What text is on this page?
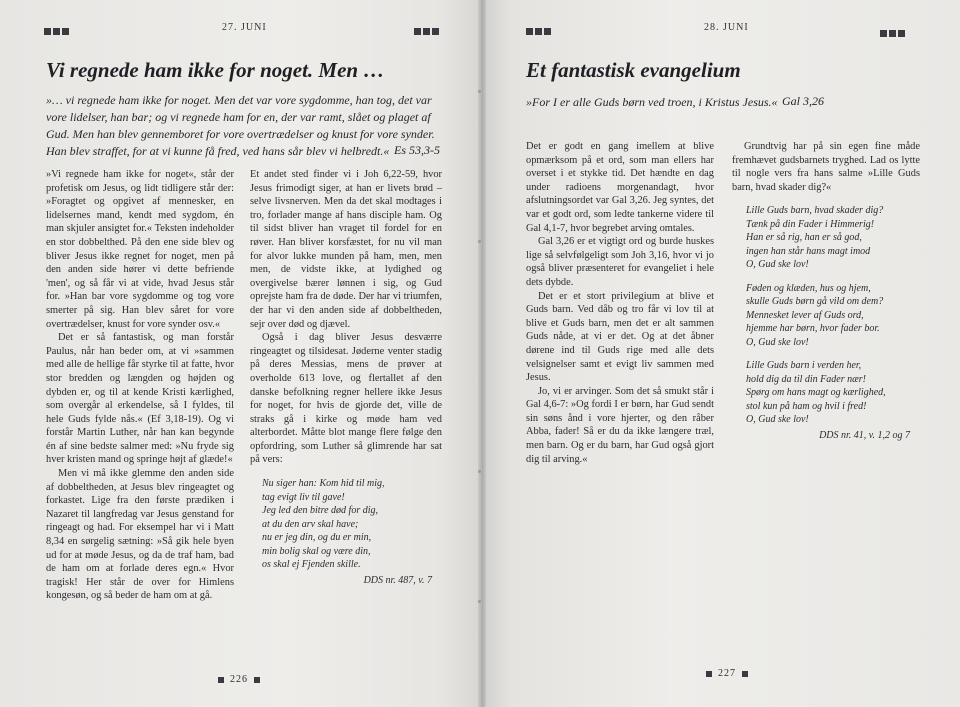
27. JUNI
Vi regnede ham ikke for noget. Men …
»… vi regnede ham ikke for noget. Men det var vore sygdomme, han tog, det var vore lidelser, han bar; og vi regnede ham for en, der var ramt, slået og plaget af Gud. Men han blev gennemboret for vore overtrædelser og knust for vore synder. Han blev straffet, for at vi kunne få fred, ved hans sår blev vi helbredt.« Es 53,3-5

»Vi regnede ham ikke for noget«, står der profetisk om Jesus, og lidt tidligere står der: »Foragtet og opgivet af mennesker, en lidelsernes mand, kendt med sygdom, én man skjuler ansigtet for.« Teksten indeholder en stor dobbelthed. På den ene side blev og bliver Jesus ikke regnet for noget, men på den anden side hører vi dette befriende 'men', og så får vi at vide, hvad Jesus står for. »Han bar vore sygdomme og tog vore smerter på sig. Han blev såret for vore overtrædelser, knust for vore synder osv.«

Det er så fantastisk, og man forstår Paulus, når han beder om, at vi »sammen med alle de hellige får styrke til at fatte, hvor stor bredden og længden og højden og dybden er, og til at kende Kristi kærlighed, som overgår al erkendelse, så I fyldes, til hele Guds fylde nås.« (Ef 3,18-19). Og vi forstår Martin Luther, når han kan begynde én af sine bedste salmer med: »Nu fryde sig hver kristen mand og springe højt af glæde!«

Men vi må ikke glemme den anden side af dobbeltheden, at Jesus blev ringeagtet og forkastet. Lige fra den første prædiken i Nazaret til langfredag var Jesus genstand for ringeagt og had. For eksempel har vi i Matt 8,34 en sørgelig sætning: »Så gik hele byen ud for at møde Jesus, og da de traf ham, bad de ham om at forlade deres egn.« Hvor tragisk! Her står de over for Himlens kongesøn, og så beder de ham om at gå.

Et andet sted finder vi i Joh 6,22-59, hvor Jesus frimodigt siger, at han er livets brød – selve livsnerven. Men da det skal modtages i tro, forlader mange af hans disciple ham. Og til sidst bliver han vraget til fordel for en røver. Han bliver korsfæstet, for nu vil man for alvor lukke munden på ham, men, men men, de vidste ikke, at lydighed og overgivelse bærer lønnen i sig, og Gud oprejste ham fra de døde. Der har vi triumfen, der har vi den anden side af dobbeltheden, sejr over død og djævel.

Også i dag bliver Jesus desværre ringeagtet og tilsidesat. Jøderne venter stadig på deres Messias, mens de prøver at overholde 613 love, og flertallet af den danske befolkning regner hellere ikke Jesus for noget, for hvis de gjorde det, ville de straks gå i kirke og møde ham ved alterbordet. Måtte blot mange flere følge den opfordring, som Luther så glimrende har sat på vers:

Nu siger han: Kom hid til mig,
tag evigt liv til gave!
Jeg led den bitre død for dig,
at du den arv skal have;
nu er jeg din, og du er min,
min bolig skal og være din,
os skal ej Fjenden skille.
DDS nr. 487, v. 7
226
28. JUNI
Et fantastisk evangelium
»For I er alle Guds børn ved troen, i Kristus Jesus.« Gal 3,26

Det er godt en gang imellem at blive opmærksom på et ord, som man ellers har overset i et stykke tid. Det hændte en dag under radioens morgenandagt, hvor afslutningsordet var Gal 3,26. Jeg syntes, det var et godt ord, som ledte tankerne videre til Gal 4,1-7, hvor begrebet arving omtales.

Gal 3,26 er et vigtigt ord og burde huskes lige så selvfølgeligt som Joh 3,16, hvor vi jo også bliver præsenteret for evangeliet i hele dets dybde.

Det er et stort privilegium at blive et Guds barn. Ved dåb og tro får vi lov til at blive et Guds barn, men det er alt sammen Guds nåde, at vi er det. Og at det åbner dørene ind til Guds rige med alle dets velsignelser samt et evigt liv sammen med Jesus.

Jo, vi er arvinger. Som det så smukt står i Gal 4,6-7: »Og fordi I er børn, har Gud sendt sin søns ånd i vore hjerter, og den råber Abba, fader! Så er du da ikke længere træl, men barn. Og er du barn, har Gud også gjort dig til arving.«

Grundtvig har på sin egen fine måde fremhævet gudsbarnets tryghed. Lad os lytte til nogle vers fra hans salme »Lille Guds barn, hvad skader dig?«

Lille Guds barn, hvad skader dig?
Tænk på din Fader i Himmerig!
Han er så rig, han er så god,
ingen han står hans magt imod
O, Gud ske lov!
Føden og klæden, hus og hjem,
skulle Guds børn gå vild om dem?
Mennesket lever af Guds ord,
hjemme har børn, hvor fader bor.
O, Gud ske lov!
Lille Guds barn i verden her,
hold dig da til din Fader nær!
Spørg om hans magt og kærlighed,
stol kun på ham og hvil i fred!
O, Gud ske lov!
DDS nr. 41, v. 1,2 og 7
227
